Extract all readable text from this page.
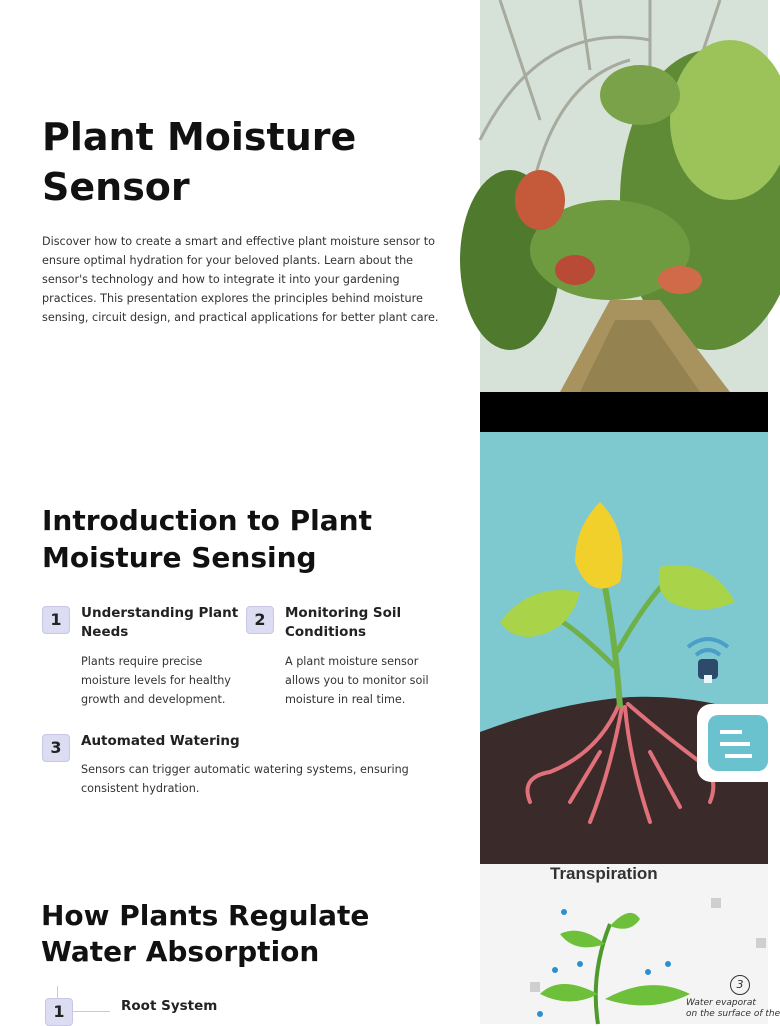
Plant Moisture Sensor

Discover how to create a smart and effective plant moisture sensor to ensure optimal hydration for your beloved plants. Learn about the sensor's technology and how to integrate it into your gardening practices. This presentation explores the principles behind moisture sensing, circuit design, and practical applications for better plant care.

Introduction to Plant Moisture Sensing
1	Understanding Plant Needs
Plants require precise moisture levels for healthy growth and development.
2	Monitoring Soil Conditions
A plant moisture sensor allows you to monitor soil moisture in real time.
3	Automated Watering
Sensors can trigger automatic watering systems, ensuring consistent hydration.
How Plants Regulate Water Absorption
1	Root System
Transpiration
3
Water evaporat
on the surface of the
